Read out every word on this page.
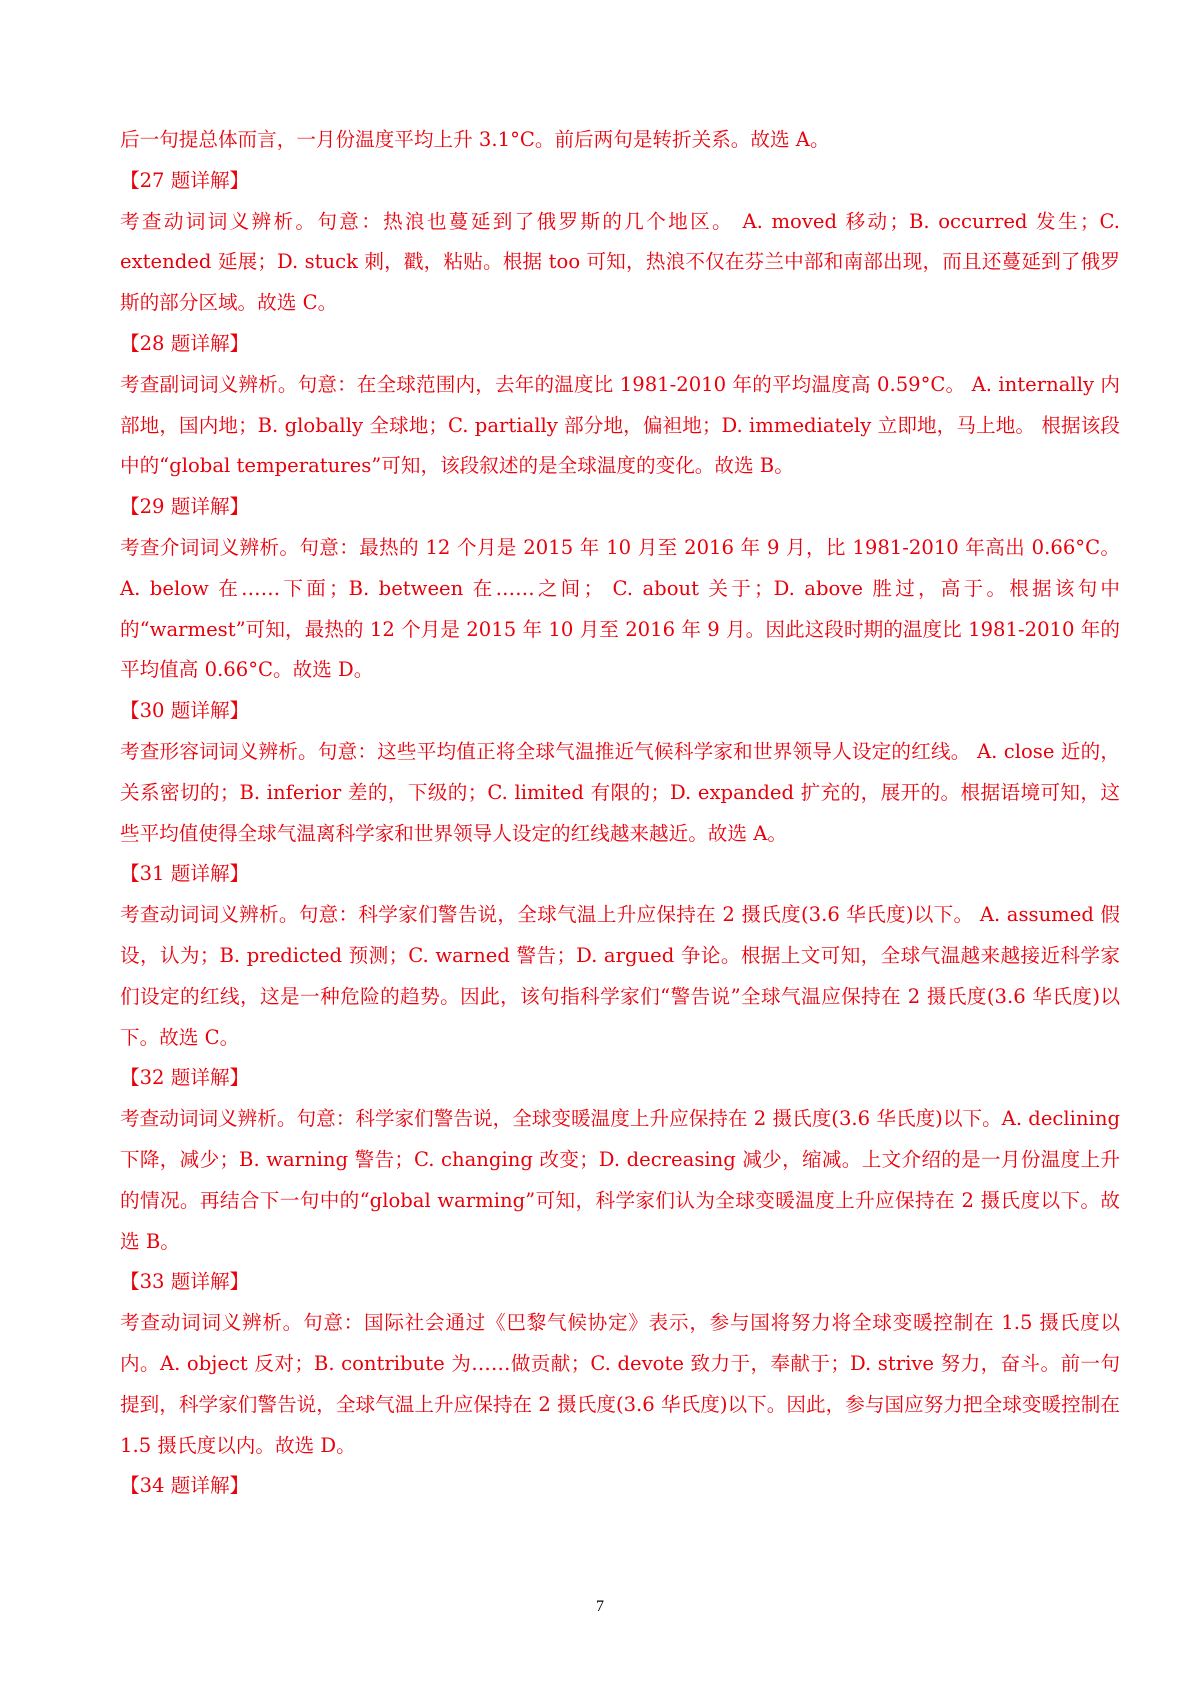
后一句提总体而言，一月份温度平均上升 3.1°C。前后两句是转折关系。故选 A。

【27 题详解】

考查动词词义辨析。句意：热浪也蔓延到了俄罗斯的几个地区。 A. moved 移动；B. occurred 发生；C. extended 延展；D. stuck 刺，戳，粘贴。根据 too 可知，热浪不仅在芬兰中部和南部出现，而且还蔓延到了俄罗斯的部分区域。故选 C。

【28 题详解】

考查副词词义辨析。句意：在全球范围内，去年的温度比 1981-2010 年的平均温度高 0.59°C。 A. internally 内部地，国内地；B. globally 全球地；C. partially 部分地，偏袒地；D. immediately 立即地，马上地。 根据该段中的“global temperatures”可知，该段叙述的是全球温度的变化。故选 B。

【29 题详解】

考查介词词义辨析。句意：最热的 12 个月是 2015 年 10 月至 2016 年 9 月，比 1981-2010 年高出 0.66°C。 A. below 在……下面；B. between 在……之间； C. about 关于；D. above 胜过，高于。根据该句中的“warmest”可知，最热的 12 个月是 2015 年 10 月至 2016 年 9 月。因此这段时期的温度比 1981-2010 年的平均值高 0.66°C。故选 D。

【30 题详解】

考查形容词词义辨析。句意：这些平均值正将全球气温推近气候科学家和世界领导人设定的红线。 A. close 近的，关系密切的；B. inferior 差的，下级的；C. limited 有限的；D. expanded 扩充的，展开的。根据语境可知，这些平均值使得全球气温离科学家和世界领导人设定的红线越来越近。故选 A。

【31 题详解】

考查动词词义辨析。句意：科学家们警告说，全球气温上升应保持在 2 摄氏度(3.6 华氏度)以下。 A. assumed 假设，认为；B. predicted 预测；C. warned 警告；D. argued 争论。根据上文可知，全球气温越来越接近科学家们设定的红线，这是一种危险的趋势。因此，该句指科学家们“警告说”全球气温应保持在 2 摄氏度(3.6 华氏度)以下。故选 C。

【32 题详解】

考查动词词义辨析。句意：科学家们警告说，全球变暖温度上升应保持在 2 摄氏度(3.6 华氏度)以下。A. declining 下降，减少；B. warning 警告；C. changing 改变；D. decreasing 减少，缩减。上文介绍的是一月份温度上升的情况。再结合下一句中的“global warming”可知，科学家们认为全球变暖温度上升应保持在 2 摄氏度以下。故选 B。

【33 题详解】

考查动词词义辨析。句意：国际社会通过《巴黎气候协定》表示，参与国将努力将全球变暖控制在 1.5 摄氏度以内。A. object 反对；B. contribute 为……做贡献；C. devote 致力于，奉献于；D. strive 努力，奋斗。前一句提到，科学家们警告说，全球气温上升应保持在 2 摄氏度(3.6 华氏度)以下。因此，参与国应努力把全球变暖控制在 1.5 摄氏度以内。故选 D。

【34 题详解】

7
